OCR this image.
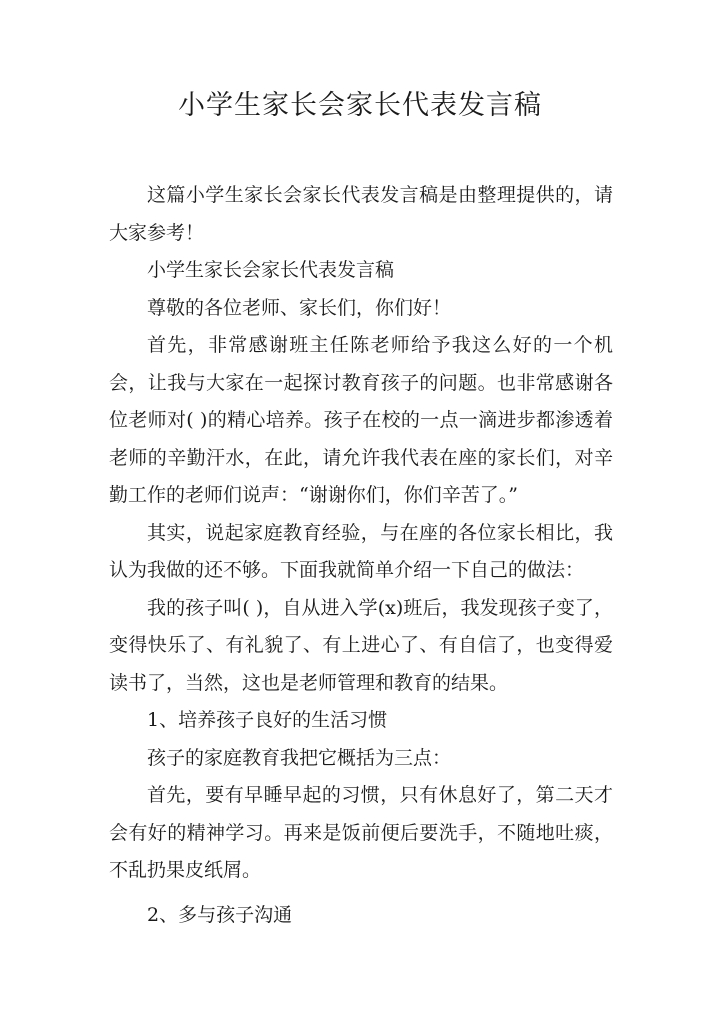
小学生家长会家长代表发言稿

这篇小学生家长会家长代表发言稿是由整理提供的，请大家参考！

小学生家长会家长代表发言稿

尊敬的各位老师、家长们，你们好！

首先，非常感谢班主任陈老师给予我这么好的一个机会，让我与大家在一起探讨教育孩子的问题。也非常感谢各位老师对( )的精心培养。孩子在校的一点一滴进步都渗透着老师的辛勤汗水，在此，请允许我代表在座的家长们，对辛勤工作的老师们说声：“谢谢你们，你们辛苦了。”

其实，说起家庭教育经验，与在座的各位家长相比，我认为我做的还不够。下面我就简单介绍一下自己的做法：

我的孩子叫( )，自从进入学(x)班后，我发现孩子变了，变得快乐了、有礼貌了、有上进心了、有自信了，也变得爱读书了，当然，这也是老师管理和教育的结果。

1、培养孩子良好的生活习惯

孩子的家庭教育我把它概括为三点：

首先，要有早睡早起的习惯，只有休息好了，第二天才会有好的精神学习。再来是饭前便后要洗手，不随地吐痰，不乱扔果皮纸屑。

2、多与孩子沟通
